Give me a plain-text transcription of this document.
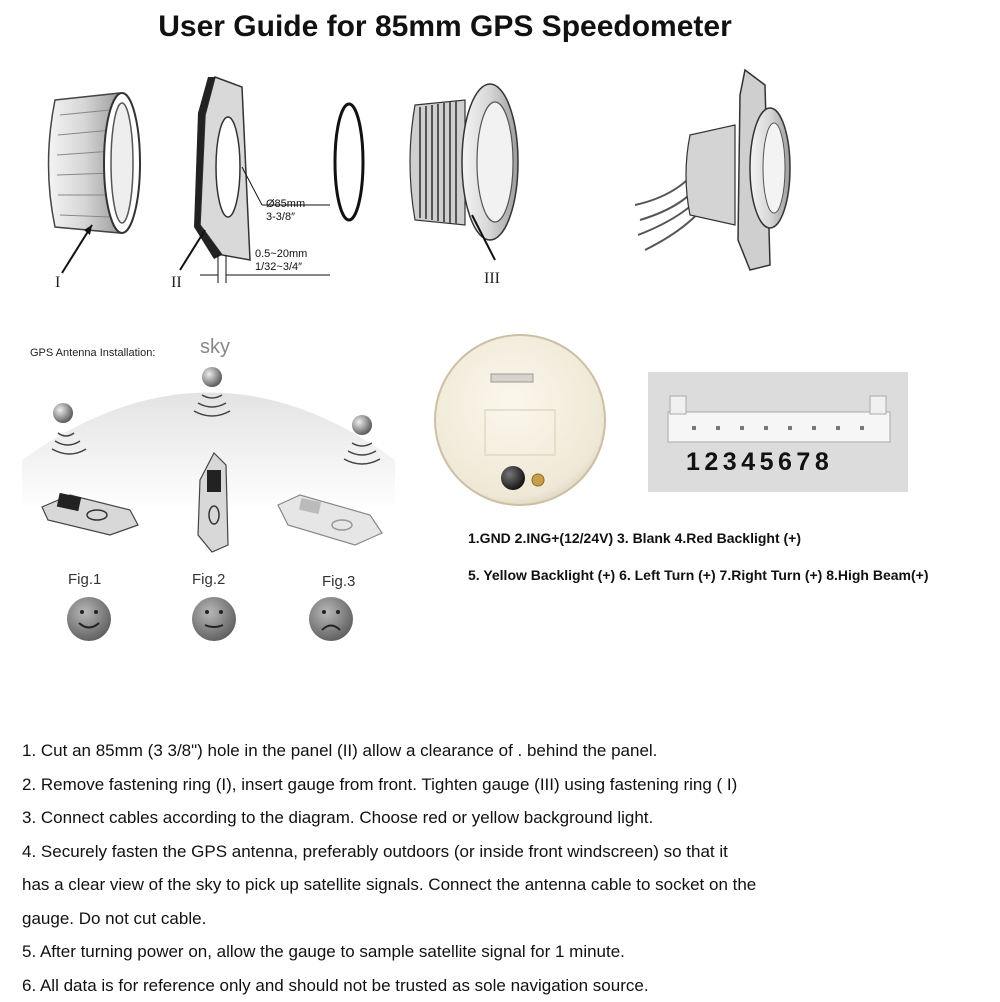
User Guide for 85mm GPS Speedometer
I	II	III
Ø85mm
3-3/8″
0.5~20mm
1/32~3/4″
GPS Antenna Installation: sky
Fig.1	Fig.2	Fig.3
12345678
1.GND 2.ING+(12/24V) 3. Blank 4.Red Backlight (+)
5. Yellow Backlight (+) 6. Left Turn (+) 7.Right Turn (+) 8.High Beam(+)
1. Cut an 85mm (3 3/8") hole in the panel (II) allow a clearance of . behind the panel.
2. Remove fastening ring (I), insert gauge from front. Tighten gauge (III) using fastening ring ( I)
3. Connect cables according to the diagram. Choose red or yellow background light.
4. Securely fasten the GPS antenna, preferably outdoors (or inside front windscreen) so that it
has a clear view of the sky to pick up satellite signals. Connect the antenna cable to socket on the
gauge. Do not cut cable.
5. After turning power on, allow the gauge to sample satellite signal for 1 minute.
6. All data is for reference only and should not be trusted as sole navigation source.
